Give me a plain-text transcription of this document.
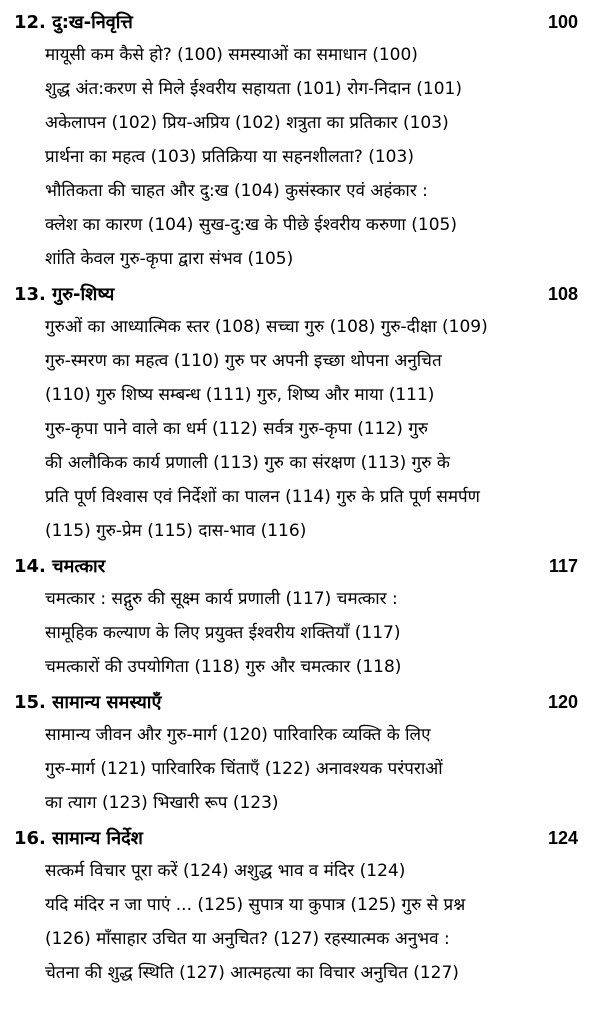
12. दु:ख-निवृत्ति	100
मायूसी कम कैसे हो? (100) समस्याओं का समाधान (100)
शुद्ध अंत:करण से मिले ईश्वरीय सहायता (101) रोग-निदान (101)
अकेलापन (102) प्रिय-अप्रिय (102) शत्रुता का प्रतिकार (103)
प्रार्थना का महत्व (103) प्रतिक्रिया या सहनशीलता? (103)
भौतिकता की चाहत और दु:ख (104) कुसंस्कार एवं अहंकार :
क्लेश का कारण (104) सुख-दु:ख के पीछे ईश्वरीय करुणा (105)
शांति केवल गुरु-कृपा द्वारा संभव (105)
13. गुरु-शिष्य	108
गुरुओं का आध्यात्मिक स्तर (108) सच्चा गुरु (108) गुरु-दीक्षा (109)
गुरु-स्मरण का महत्व (110) गुरु पर अपनी इच्छा थोपना अनुचित
(110) गुरु शिष्य सम्बन्ध (111) गुरु, शिष्य और माया (111)
गुरु-कृपा पाने वाले का धर्म (112) सर्वत्र गुरु-कृपा (112) गुरु
की अलौकिक कार्य प्रणाली (113) गुरु का संरक्षण (113) गुरु के
प्रति पूर्ण विश्वास एवं निर्देशों का पालन (114) गुरु के प्रति पूर्ण समर्पण
(115) गुरु-प्रेम (115) दास-भाव (116)
14. चमत्कार	117
चमत्कार : सद्गुरु की सूक्ष्म कार्य प्रणाली (117) चमत्कार :
सामूहिक कल्याण के लिए प्रयुक्त ईश्वरीय शक्तियाँ (117)
चमत्कारों की उपयोगिता (118) गुरु और चमत्कार (118)
15. सामान्य समस्याएँ	120
सामान्य जीवन और गुरु-मार्ग (120) पारिवारिक व्यक्ति के लिए
गुरु-मार्ग (121) पारिवारिक चिंताएँ (122) अनावश्यक परंपराओं
का त्याग (123) भिखारी रूप (123)
16. सामान्य निर्देश	124
सत्कर्म विचार पूरा करें (124) अशुद्ध भाव व मंदिर (124)
यदि मंदिर न जा पाएं ... (125) सुपात्र या कुपात्र (125) गुरु से प्रश्न
(126) माँसाहार उचित या अनुचित? (127) रहस्यात्मक अनुभव :
चेतना की शुद्ध स्थिति (127) आत्महत्या का विचार अनुचित (127)
